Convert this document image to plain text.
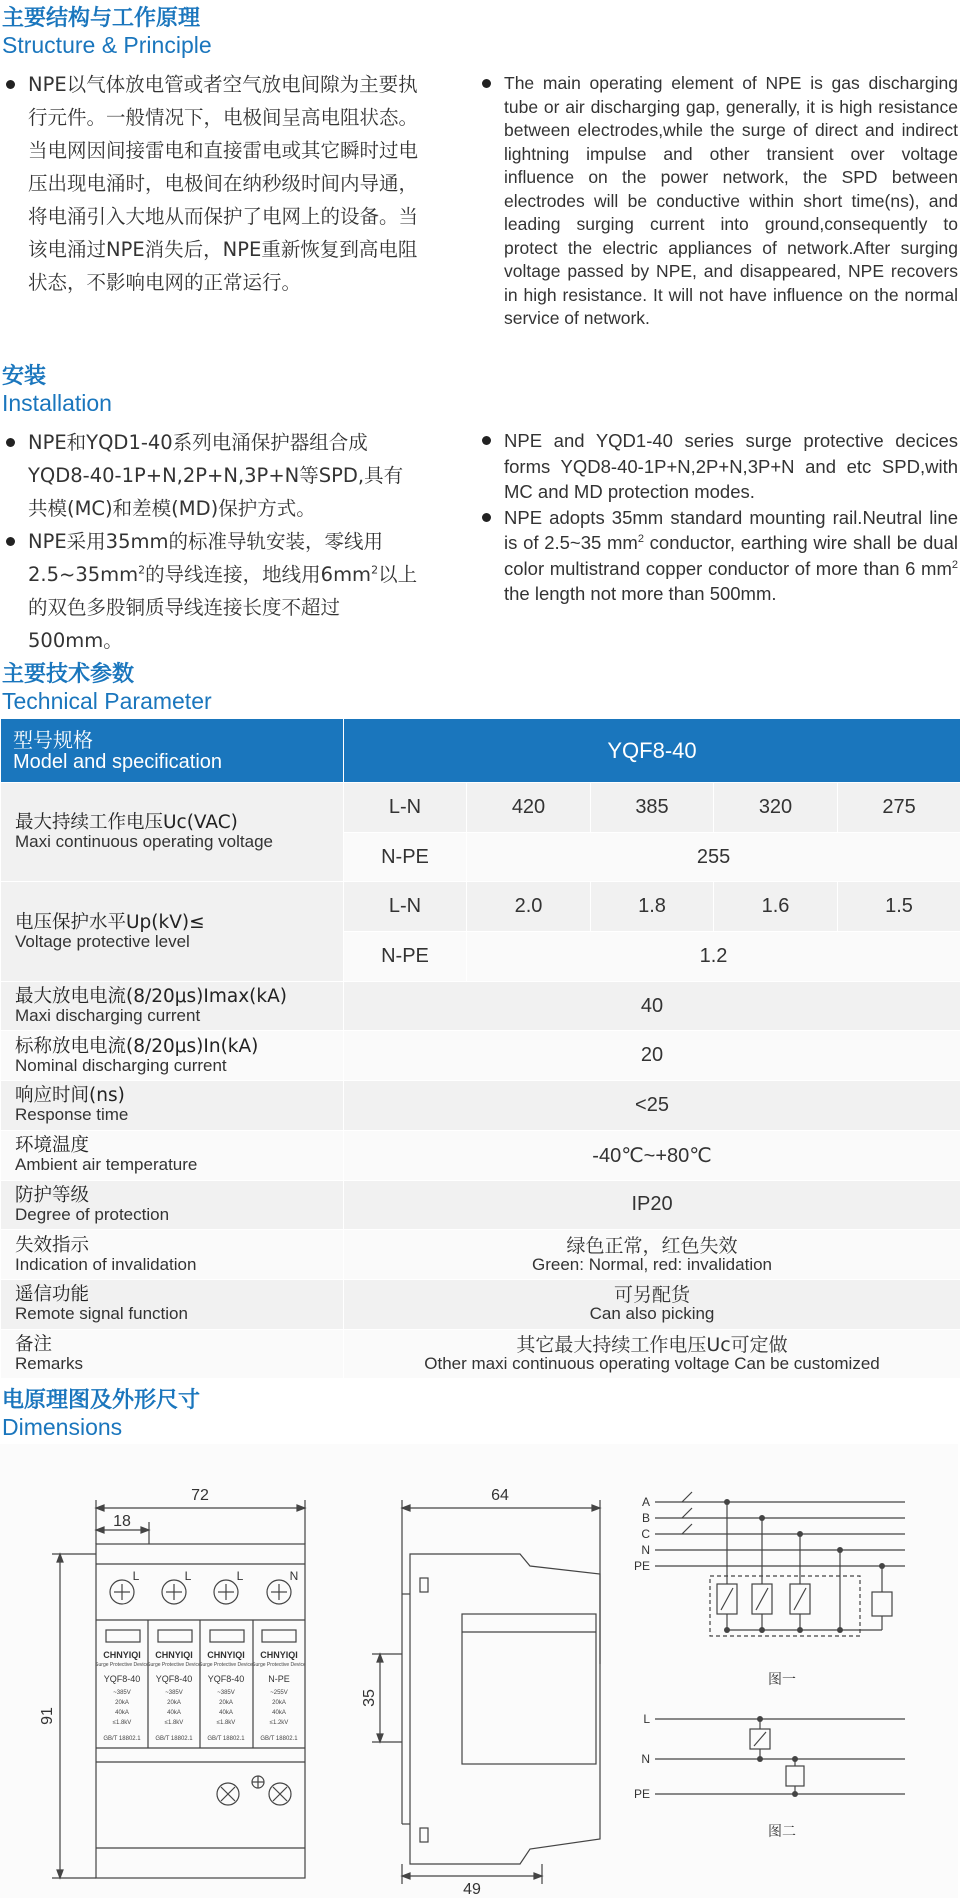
主要结构与工作原理
Structure & Principle
NPE以气体放电管或者空气放电间隙为主要执行元件。一般情况下，电极间呈高电阻状态。当电网因间接雷电和直接雷电或其它瞬时过电压出现电涌时，电极间在纳秒级时间内导通，将电涌引入大地从而保护了电网上的设备。当该电涌过NPE消失后，NPE重新恢复到高电阻状态，不影响电网的正常运行。
The main operating element of NPE is gas discharging tube or air discharging gap, generally, it is high resistance between electrodes,while the surge of direct and indirect lightning impulse and other transient over voltage influence on the power network, the SPD between electrodes will be conductive within short time(ns), and leading surging current into ground,consequently to protect the electric appliances of network.After surging voltage passed by NPE, and disappeared, NPE recovers in high resistance. It will not have influence on the normal service of network.
安装
Installation
NPE和YQD1-40系列电涌保护器组合成YQD8-40-1P+N,2P+N,3P+N等SPD,具有共模(MC)和差模(MD)保护方式。
NPE采用35mm的标准导轨安装，零线用$2.5\sim 35mm^2$的导线连接，地线用$6mm^2$以上的双色多股铜质导线连接长度不超过500mm。
NPE and YQD1-40 series surge protective decices forms YQD8-40-1P+N,2P+N,3P+N and etc SPD,with MC and MD protection modes.
NPE adopts 35mm standard mounting rail.Neutral line is of 2.5~35 $mm^2$ conductor, earthing wire shall be dual color multistrand copper conductor of more than 6 $mm^2$ the length not more than 500mm.
主要技术参数
Technical Parameter
型号规格
Model and specification	YQF8-40				

最大持续工作电压Uc(VAC)
Maxi continuous operating voltage	L-N	420	385	320	275
	N-PE	255			

电压保护水平Up(kV)≤
Voltage protective level	L-N	2.0	1.8	1.6	1.5
	N-PE	1.2			

最大放电电流(8/20μs)Imax(kA)
Maxi discharging current	40				

标称放电电流(8/20μs)In(kA)
Nominal discharging current	20				

响应时间(ns)
Response time	<25				

环境温度
Ambient air temperature	-40℃~+80℃				

防护等级
Degree of protection	IP20				

失效指示
Indication of invalidation	绿色正常，红色失效
Green: Normal, red: invalidation				

遥信功能
Remote signal function	可另配货
Can also picking				

备注
Remarks	其它最大持续工作电压Uc可定做
Other maxi continuous operating voltage Can be customized				
电原理图及外形尺寸
Dimensions
72
18
91
64
35
49
L	L	L	N
CHNYIQI CHNYIQI CHNYIQI CHNYIQI
Surge Protective Device
Surge Protective Device
Surge Protective Device Surge Protective Device
YQF8-40 YQF8-40 YQF8-40	N-PE
~385V
20kA
40kA
≤1.8kV
~385V
20kA
40kA
≤1.8kV
~385V
20kA
40kA
≤1.8kV
~255V
20kA
40kA
≤1.2kV
GB/T 18802.1 GB/T 18802.1 GB/T 18802.1	GB/T 18802.1
A
B
C
N
PE
L
N
PE
图一
图二
